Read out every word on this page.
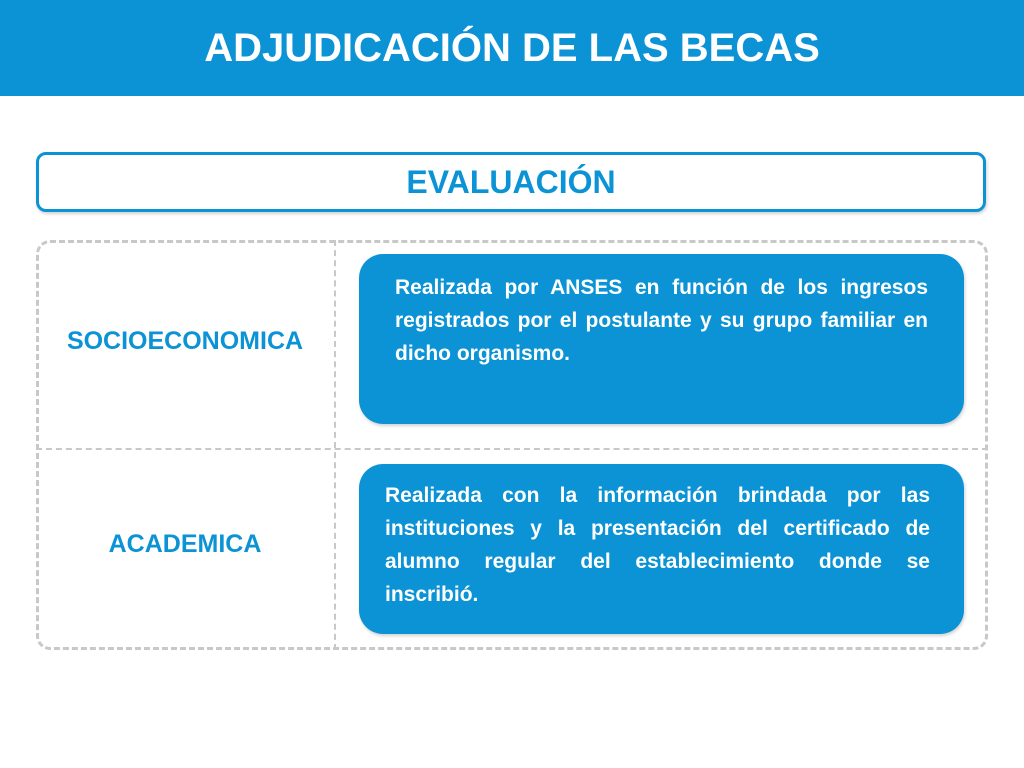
ADJUDICACIÓN DE LAS BECAS
EVALUACIÓN
SOCIOECONOMICA
Realizada por ANSES en función de los ingresos registrados por el postulante y su grupo familiar en dicho organismo.
ACADEMICA
Realizada con la información brindada por las instituciones y la presentación del certificado de alumno regular del establecimiento donde se inscribió.
